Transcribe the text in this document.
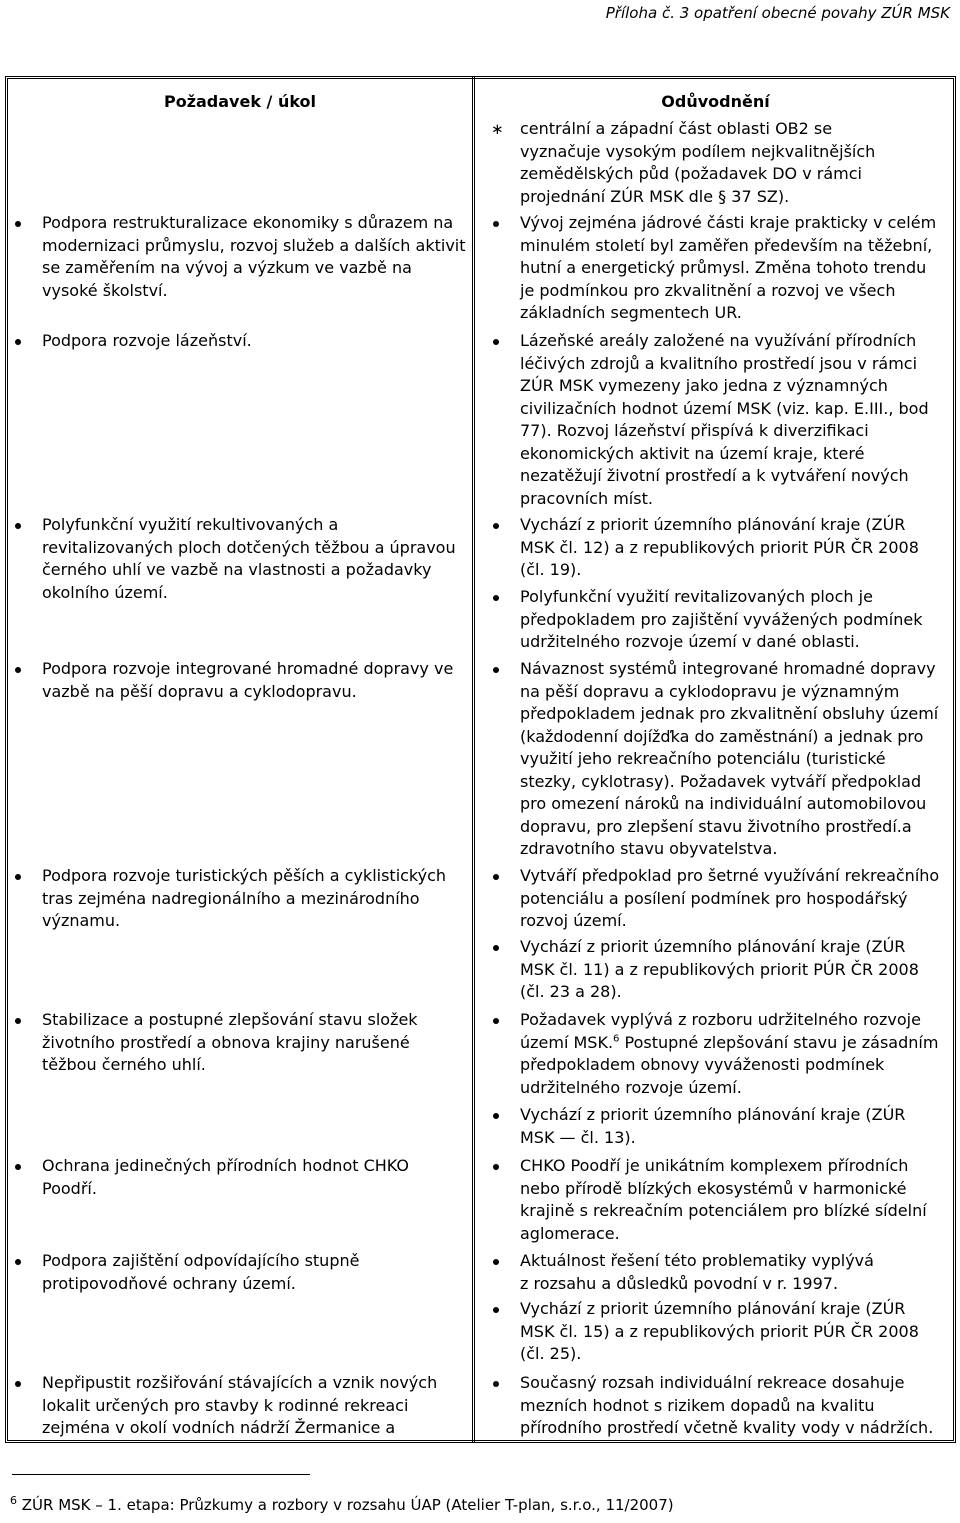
Příloha č. 3 opatření obecné povahy ZÚR MSK
Požadavek / úkol	Odůvodnění
∗ centrální a západní část oblasti OB2 se
vyznačuje vysokým podílem nejkvalitnějších
zemědělských půd (požadavek DO v rámci
projednání ZÚR MSK dle § 37 SZ).
Podpora restrukturalizace ekonomiky s důrazem na
modernizaci průmyslu, rozvoj služeb a dalších aktivit
se zaměřením na vývoj a výzkum ve vazbě na
vysoké školství.
Vývoj zejména jádrové části kraje prakticky v celém
minulém století byl zaměřen především na těžební,
hutní a energetický průmysl. Změna tohoto trendu
je podmínkou pro zkvalitnění a rozvoj ve všech
základních segmentech UR.
Podpora rozvoje lázeňství.	Lázeňské areály založené na využívání přírodních
léčivých zdrojů a kvalitního prostředí jsou v rámci
ZÚR MSK vymezeny jako jedna z významných
civilizačních hodnot území MSK (viz. kap. E.III., bod
77). Rozvoj lázeňství přispívá k diverzifikaci
ekonomických aktivit na území kraje, které
nezatěžují životní prostředí a k vytváření nových
pracovních míst.
Polyfunkční využití rekultivovaných a
revitalizovaných ploch dotčených těžbou a úpravou
černého uhlí ve vazbě na vlastnosti a požadavky
okolního území.
Vychází z priorit územního plánování kraje (ZÚR
MSK čl. 12) a z republikových priorit PÚR ČR 2008
(čl. 19).
Polyfunkční využití revitalizovaných ploch je
předpokladem pro zajištění vyvážených podmínek
udržitelného rozvoje území v dané oblasti.
Podpora rozvoje integrované hromadné dopravy ve
vazbě na pěší dopravu a cyklodopravu.
Návaznost systémů integrované hromadné dopravy
na pěší dopravu a cyklodopravu je významným
předpokladem jednak pro zkvalitnění obsluhy území
(každodenní dojížďka do zaměstnání) a jednak pro
využití jeho rekreačního potenciálu (turistické
stezky, cyklotrasy). Požadavek vytváří předpoklad
pro omezení nároků na individuální automobilovou
dopravu, pro zlepšení stavu životního prostředí.a
zdravotního stavu obyvatelstva.
Podpora rozvoje turistických pěších a cyklistických
tras zejména nadregionálního a mezinárodního
významu.
Vytváří předpoklad pro šetrné využívání rekreačního
potenciálu a posílení podmínek pro hospodářský
rozvoj území.
Vychází z priorit územního plánování kraje (ZÚR
MSK čl. 11) a z republikových priorit PÚR ČR 2008
(čl. 23 a 28).
Stabilizace a postupné zlepšování stavu složek
životního prostředí a obnova krajiny narušené
těžbou černého uhlí.
Požadavek vyplývá z rozboru udržitelného rozvoje
území MSK.$^6$ Postupné zlepšování stavu je zásadním
předpokladem obnovy vyváženosti podmínek
udržitelného rozvoje území.
Vychází z priorit územního plánování kraje (ZÚR
MSK — čl. 13).
Ochrana jedinečných přírodních hodnot CHKO
Poodří.
CHKO Poodří je unikátním komplexem přírodních
nebo přírodě blízkých ekosystémů v harmonické
krajině s rekreačním potenciálem pro blízké sídelní
aglomerace.
Podpora zajištění odpovídajícího stupně
protipovodňové ochrany území.
Aktuálnost řešení této problematiky vyplývá
z rozsahu a důsledků povodní v r. 1997.
Vychází z priorit územního plánování kraje (ZÚR
MSK čl. 15) a z republikových priorit PÚR ČR 2008
(čl. 25).
Nepřipustit rozšiřování stávajících a vznik nových
lokalit určených pro stavby k rodinné rekreaci
zejména v okolí vodních nádrží Žermanice a
Současný rozsah individuální rekreace dosahuje
mezních hodnot s rizikem dopadů na kvalitu
přírodního prostředí včetně kvality vody v nádržích.
$^6$ ZÚR MSK – 1. etapa: Průzkumy a rozbory v rozsahu ÚAP (Atelier T-plan, s.r.o., 11/2007)
